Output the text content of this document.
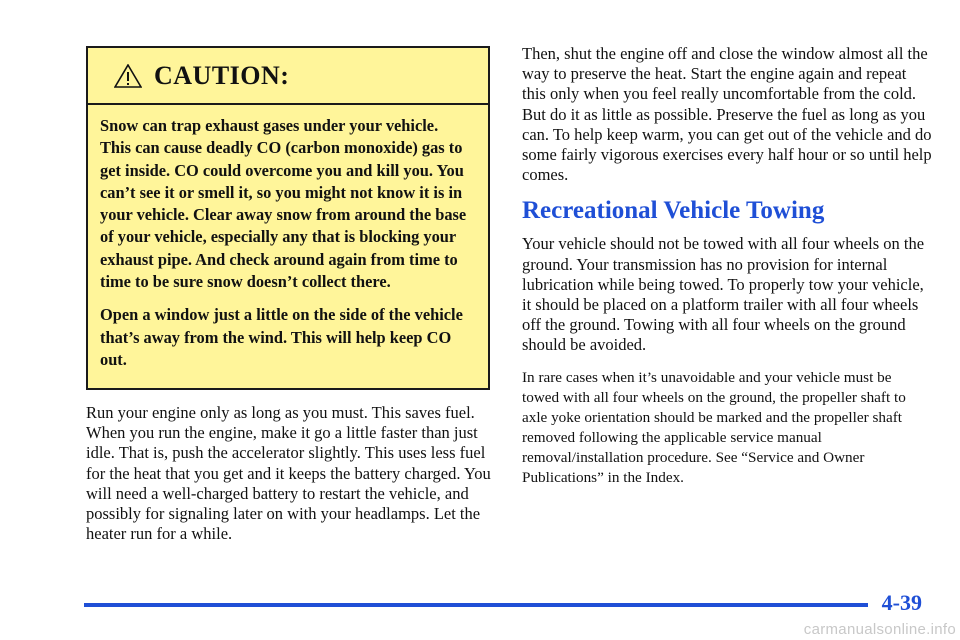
CAUTION:

Snow can trap exhaust gases under your vehicle. This can cause deadly CO (carbon monoxide) gas to get inside. CO could overcome you and kill you. You can’t see it or smell it, so you might not know it is in your vehicle. Clear away snow from around the base of your vehicle, especially any that is blocking your exhaust pipe. And check around again from time to time to be sure snow doesn’t collect there.

Open a window just a little on the side of the vehicle that’s away from the wind. This will help keep CO out.

Run your engine only as long as you must. This saves fuel. When you run the engine, make it go a little faster than just idle. That is, push the accelerator slightly. This uses less fuel for the heat that you get and it keeps the battery charged. You will need a well-charged battery to restart the vehicle, and possibly for signaling later on with your headlamps. Let the heater run for a while.

Then, shut the engine off and close the window almost all the way to preserve the heat. Start the engine again and repeat this only when you feel really uncomfortable from the cold. But do it as little as possible. Preserve the fuel as long as you can. To help keep warm, you can get out of the vehicle and do some fairly vigorous exercises every half hour or so until help comes.

Recreational Vehicle Towing

Your vehicle should not be towed with all four wheels on the ground. Your transmission has no provision for internal lubrication while being towed. To properly tow your vehicle, it should be placed on a platform trailer with all four wheels off the ground. Towing with all four wheels on the ground should be avoided.

In rare cases when it’s unavoidable and your vehicle must be towed with all four wheels on the ground, the propeller shaft to axle yoke orientation should be marked and the propeller shaft removed following the applicable service manual removal/installation procedure. See “Service and Owner Publications” in the Index.

4-39
carmanualsonline.info
